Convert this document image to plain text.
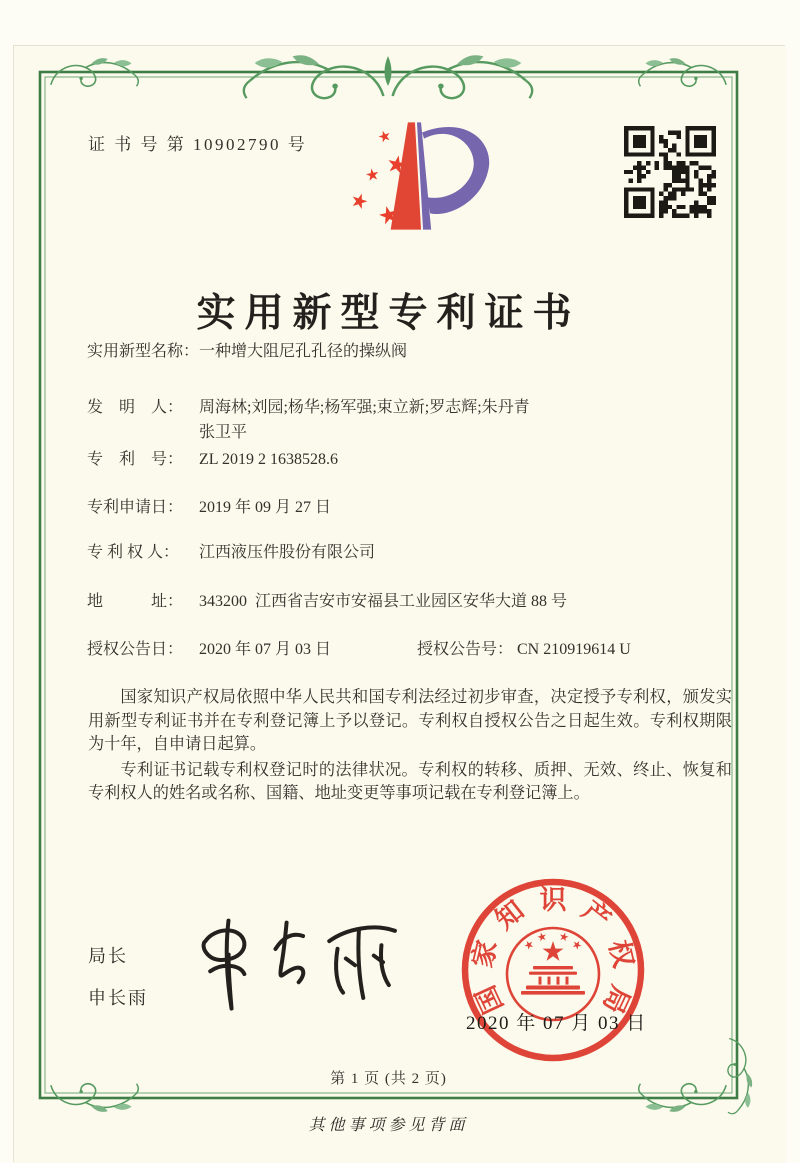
证 书 号 第 10902790 号
实用新型专利证书
实用新型名称： 一种增大阻尼孔孔径的操纵阀
发　明　人： 周海林;刘园;杨华;杨军强;束立新;罗志辉;朱丹青
张卫平
专　利　号： ZL 2019 2 1638528.6
专利申请日： 2019 年 09 月 27 日
专 利 权 人：	江西液压件股份有限公司
地　　　址： 343200  江西省吉安市安福县工业园区安华大道 88 号
授权公告日： 2020 年 07 月 03 日	授权公告号： CN 210919614 U

国家知识产权局依照中华人民共和国专利法经过初步审查，决定授予专利权，颁发实用新型专利证书并在专利登记簿上予以登记。专利权自授权公告之日起生效。专利权期限为十年，自申请日起算。

专利证书记载专利权登记时的法律状况。专利权的转移、质押、无效、终止、恢复和专利权人的姓名或名称、国籍、地址变更等事项记载在专利登记簿上。

局长
申长雨	国
家
知 识 产
权
局
2020 年 07 月 03 日
第 1 页 (共 2 页)
其他事项参见背面
